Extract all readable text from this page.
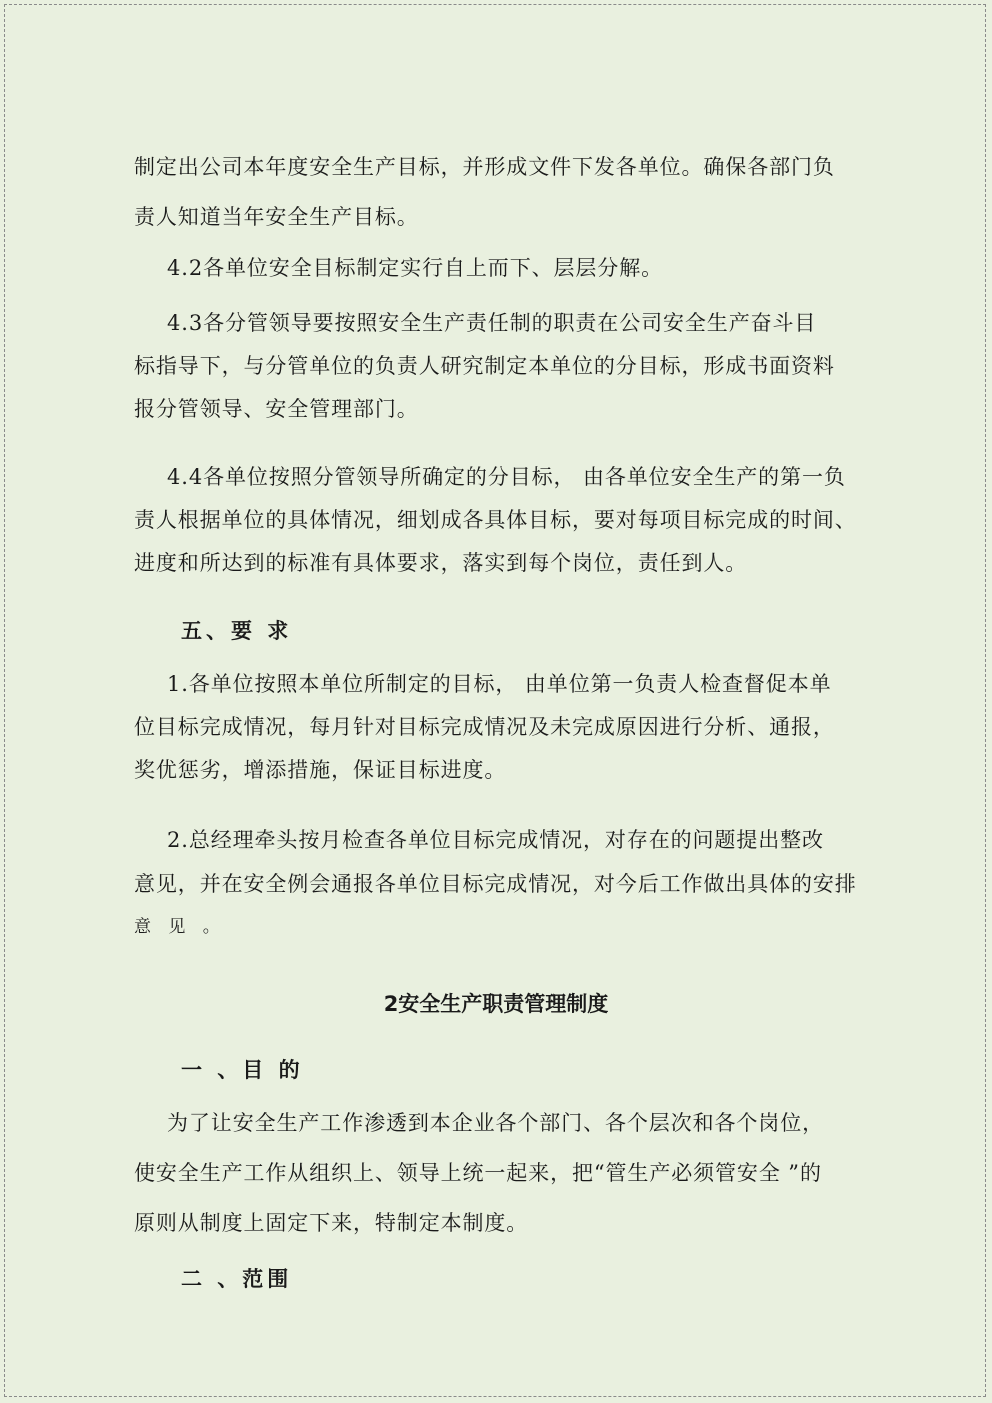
制定出公司本年度安全生产目标，并形成文件下发各单位。确保各部门负
责人知道当年安全生产目标。
4.2各单位安全目标制定实行自上而下、层层分解。
4.3各分管领导要按照安全生产责任制的职责在公司安全生产奋斗目
标指导下，与分管单位的负责人研究制定本单位的分目标，形成书面资料
报分管领导、安全管理部门。
4.4各单位按照分管领导所确定的分目标， 由各单位安全生产的第一负
责人根据单位的具体情况，细划成各具体目标，要对每项目标完成的时间、
进度和所达到的标准有具体要求，落实到每个岗位，责任到人。
五、要 求
1.各单位按照本单位所制定的目标， 由单位第一负责人检查督促本单
位目标完成情况，每月针对目标完成情况及未完成原因进行分析、通报，
奖优惩劣，增添措施，保证目标进度。
2.总经理牵头按月检查各单位目标完成情况，对存在的问题提出整改
意见，并在安全例会通报各单位目标完成情况，对今后工作做出具体的安排
意 见 。
2安全生产职责管理制度
一 、目 的
为了让安全生产工作渗透到本企业各个部门、各个层次和各个岗位，
使安全生产工作从组织上、领导上统一起来，把“管生产必须管安全 ”的
原则从制度上固定下来，特制定本制度。
二 、范围
